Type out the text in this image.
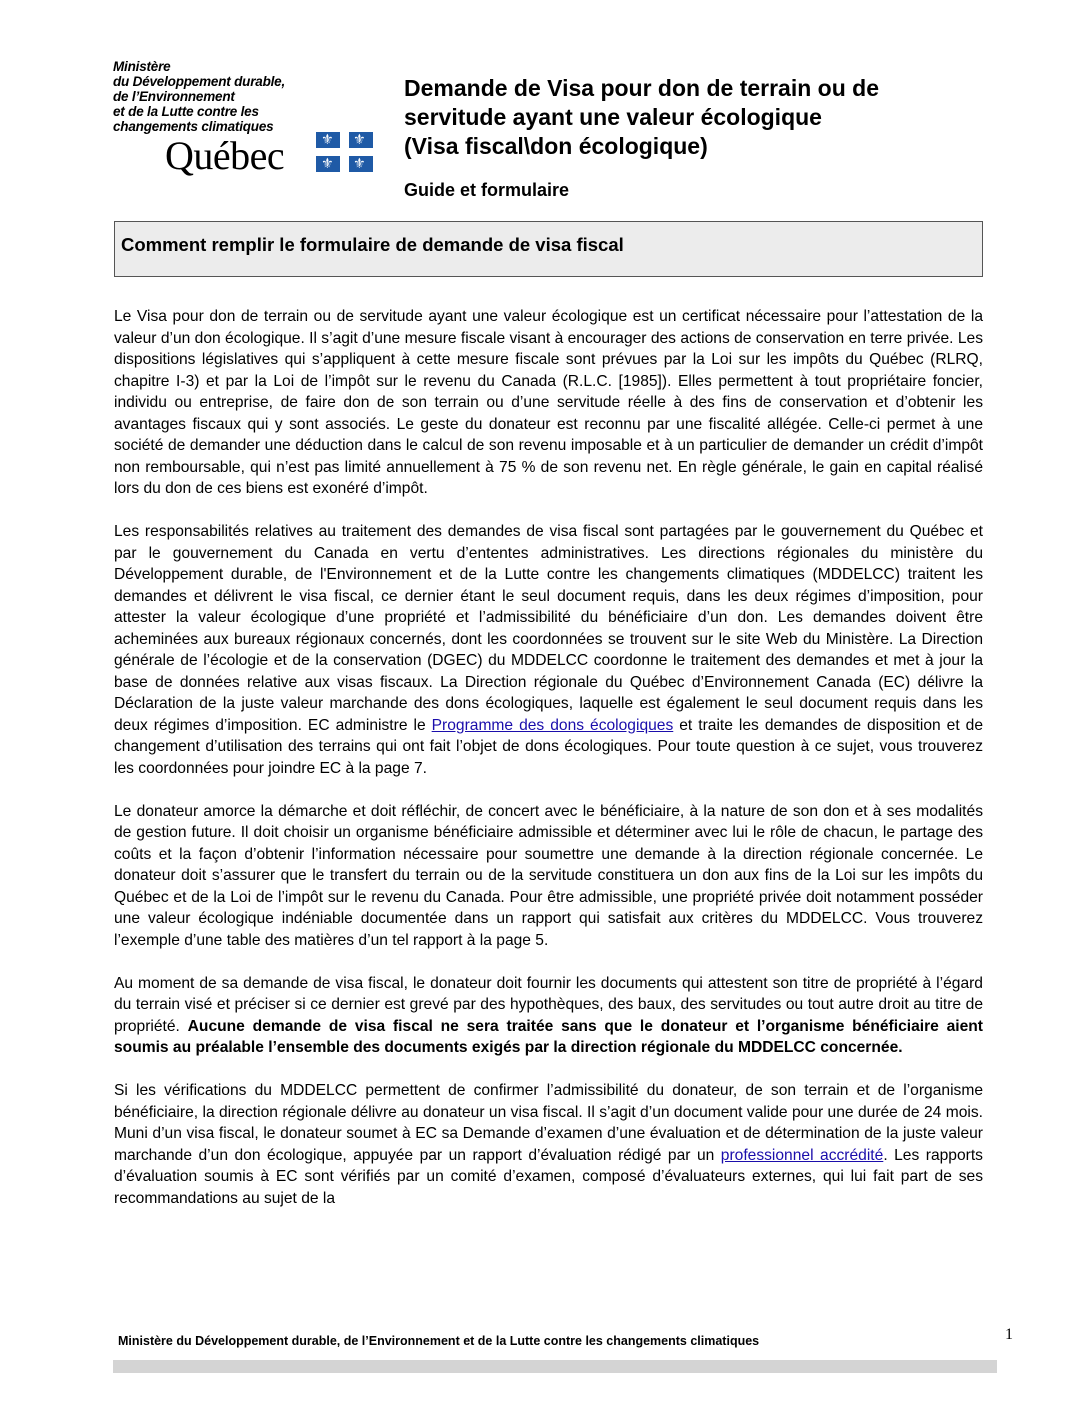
Ministère
du Développement durable,
de l’Environnement
et de la Lutte contre les
changements climatiques
Québec	⚜ ⚜
⚜ ⚜
Demande de Visa pour don de terrain ou de
servitude ayant une valeur écologique
(Visa fiscal\don écologique)
Guide et formulaire
Comment remplir le formulaire de demande de visa fiscal

Le Visa pour don de terrain ou de servitude ayant une valeur écologique est un certificat nécessaire pour l’attestation de la valeur d’un don écologique. Il s’agit d’une mesure fiscale visant à encourager des actions de conservation en terre privée. Les dispositions législatives qui s’appliquent à cette mesure fiscale sont prévues par la Loi sur les impôts du Québec (RLRQ, chapitre I-3) et par la Loi de l’impôt sur le revenu du Canada (R.L.C. [1985]). Elles permettent à tout propriétaire foncier, individu ou entreprise, de faire don de son terrain ou d’une servitude réelle à des fins de conservation et d’obtenir les avantages fiscaux qui y sont associés. Le geste du donateur est reconnu par une fiscalité allégée. Celle-ci permet à une société de demander une déduction dans le calcul de son revenu imposable et à un particulier de demander un crédit d’impôt non remboursable, qui n’est pas limité annuellement à 75 % de son revenu net. En règle générale, le gain en capital réalisé lors du don de ces biens est exonéré d’impôt.

Les responsabilités relatives au traitement des demandes de visa fiscal sont partagées par le gouvernement du Québec et par le gouvernement du Canada en vertu d’ententes administratives. Les directions régionales du ministère du Développement durable, de l'Environnement et de la Lutte contre les changements climatiques (MDDELCC) traitent les demandes et délivrent le visa fiscal, ce dernier étant le seul document requis, dans les deux régimes d’imposition, pour attester la valeur écologique d’une propriété et l’admissibilité du bénéficiaire d’un don. Les demandes doivent être acheminées aux bureaux régionaux concernés, dont les coordonnées se trouvent sur le site Web du Ministère. La Direction générale de l’écologie et de la conservation (DGEC) du MDDELCC coordonne le traitement des demandes et met à jour la base de données relative aux visas fiscaux. La Direction régionale du Québec d’Environnement Canada (EC) délivre la Déclaration de la juste valeur marchande des dons écologiques, laquelle est également le seul document requis dans les deux régimes d’imposition. EC administre le Programme des dons écologiques et traite les demandes de disposition et de changement d’utilisation des terrains qui ont fait l’objet de dons écologiques. Pour toute question à ce sujet, vous trouverez les coordonnées pour joindre EC à la page 7.

Le donateur amorce la démarche et doit réfléchir, de concert avec le bénéficiaire, à la nature de son don et à ses modalités de gestion future. Il doit choisir un organisme bénéficiaire admissible et déterminer avec lui le rôle de chacun, le partage des coûts et la façon d’obtenir l’information nécessaire pour soumettre une demande à la direction régionale concernée. Le donateur doit s’assurer que le transfert du terrain ou de la servitude constituera un don aux fins de la Loi sur les impôts du Québec et de la Loi de l’impôt sur le revenu du Canada. Pour être admissible, une propriété privée doit notamment posséder une valeur écologique indéniable documentée dans un rapport qui satisfait aux critères du MDDELCC. Vous trouverez l’exemple d’une table des matières d’un tel rapport à la page 5.

Au moment de sa demande de visa fiscal, le donateur doit fournir les documents qui attestent son titre de propriété à l’égard du terrain visé et préciser si ce dernier est grevé par des hypothèques, des baux, des servitudes ou tout autre droit au titre de propriété. Aucune demande de visa fiscal ne sera traitée sans que le donateur et l’organisme bénéficiaire aient soumis au préalable l’ensemble des documents exigés par la direction régionale du MDDELCC concernée.

Si les vérifications du MDDELCC permettent de confirmer l’admissibilité du donateur, de son terrain et de l’organisme bénéficiaire, la direction régionale délivre au donateur un visa fiscal. Il s’agit d’un document valide pour une durée de 24 mois. Muni d’un visa fiscal, le donateur soumet à EC sa Demande d’examen d’une évaluation et de détermination de la juste valeur marchande d’un don écologique, appuyée par un rapport d’évaluation rédigé par un professionnel accrédité. Les rapports d’évaluation soumis à EC sont vérifiés par un comité d’examen, composé d’évaluateurs externes, qui lui fait part de ses recommandations au sujet de la

Ministère du Développement durable, de l’Environnement et de la Lutte contre les changements climatiques	1
